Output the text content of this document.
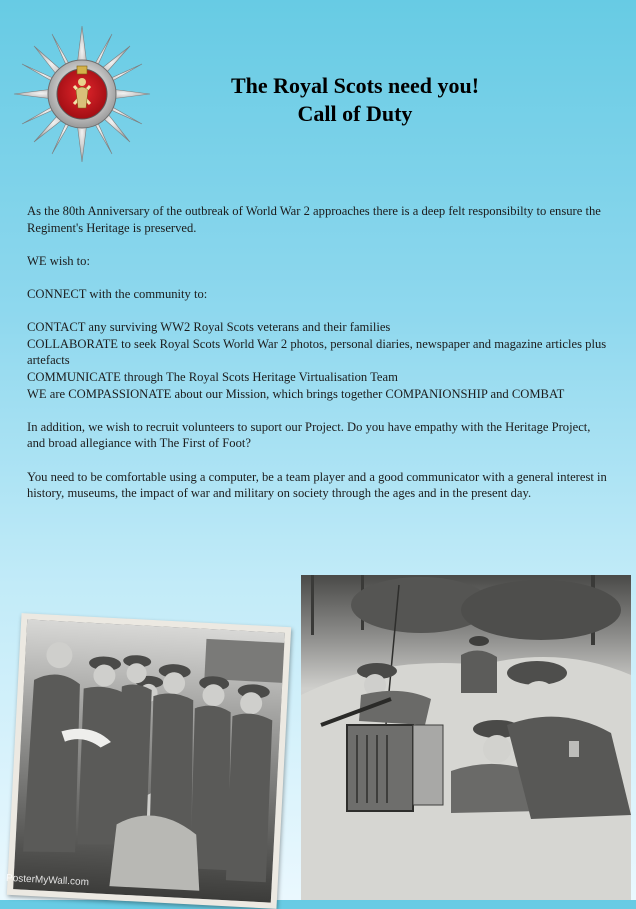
The Royal Scots need you!
Call of Duty

As the 80th Anniversary of the outbreak of World War 2 approaches there is a deep felt responsibilty to ensure the Regiment's Heritage is preserved.

WE wish to:

CONNECT with the community to:

CONTACT any surviving WW2 Royal Scots veterans and their families

COLLABORATE to seek Royal Scots World War 2 photos, personal diaries, newspaper and magazine articles plus artefacts

COMMUNICATE through The Royal Scots Heritage Virtualisation Team

WE are COMPASSIONATE about our Mission, which brings together COMPANIONSHIP and COMBAT

In addition, we wish to recruit volunteers to suport our Project. Do you have empathy with the Heritage Project, and broad allegiance with The First of Foot?

You need to be comfortable using a computer, be a team player and a good communicator with a general interest in history, museums, the impact of war and military on society through the ages and in the present day.

PosterMyWall.com
